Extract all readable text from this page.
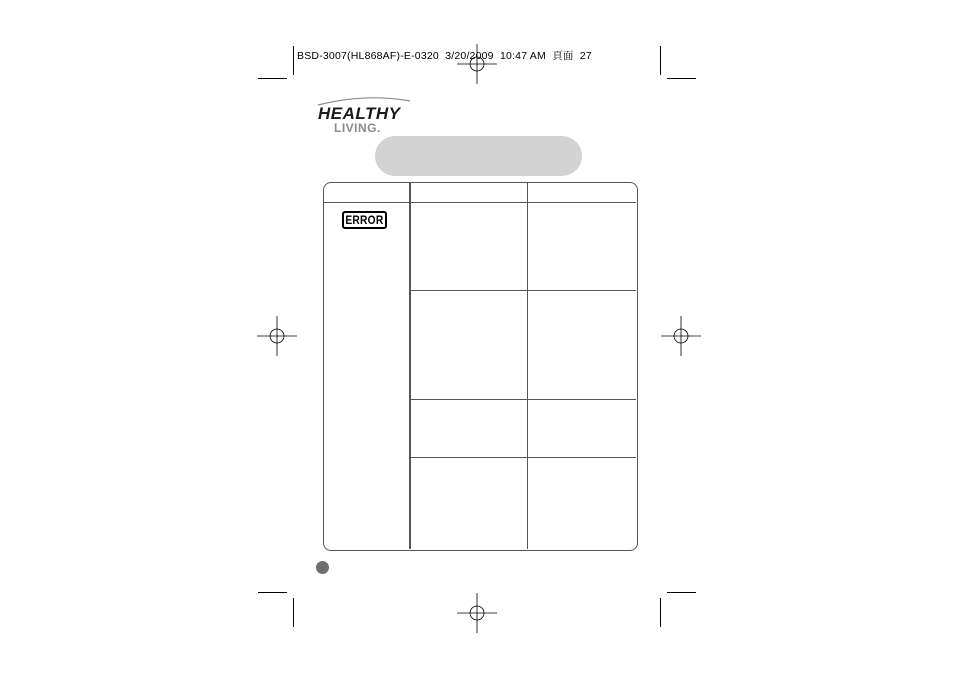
BSD-3007(HL868AF)-E-0320 3/20/2009 10:47 AM 頁面 27
HEALTHY
LIVING.
ERROR
